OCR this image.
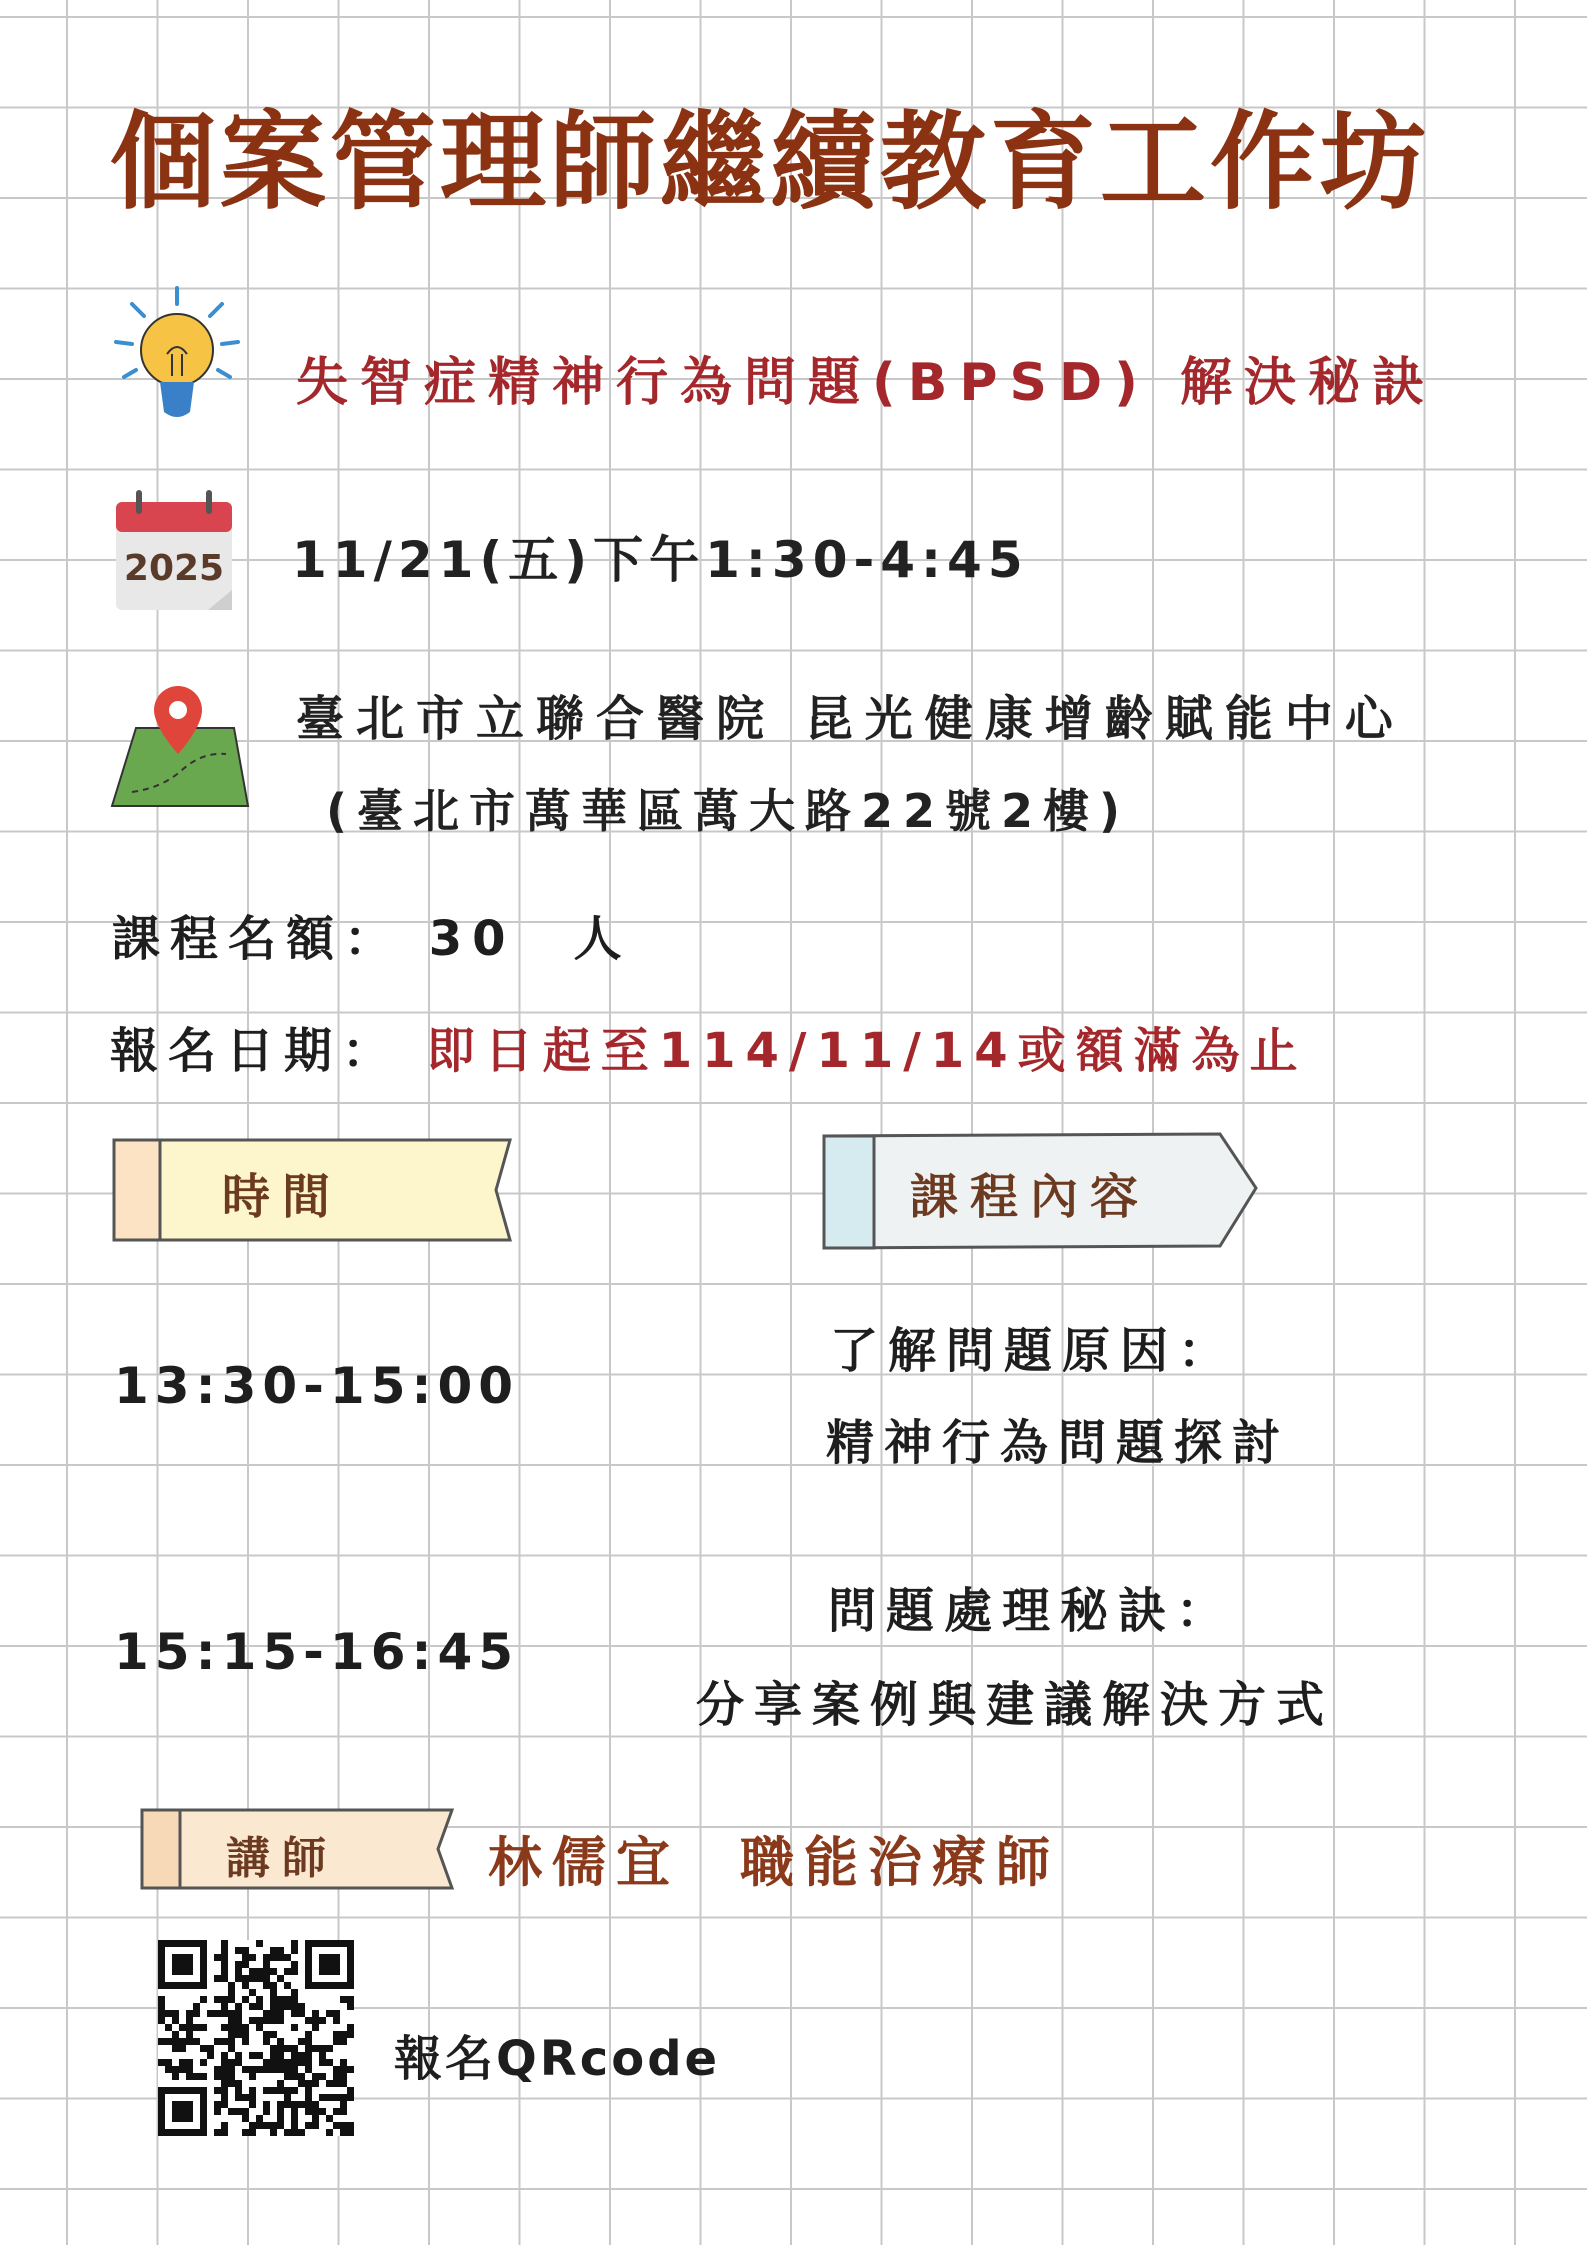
個案管理師繼續教育工作坊
失智症精神行為問題(BPSD) 解決秘訣
2025 11/21(五)下午1:30-4:45
臺北市立聯合醫院 昆光健康增齡賦能中心
(臺北市萬華區萬大路22號2樓)
課程名額： 30　人
報名日期： 即日起至114/11/14或額滿為止
時間	課程內容
13:30-15:00
了解問題原因：
精神行為問題探討
15:15-16:45
問題處理秘訣：
分享案例與建議解決方式
講師	林儒宜 職能治療師
報名QRcode
